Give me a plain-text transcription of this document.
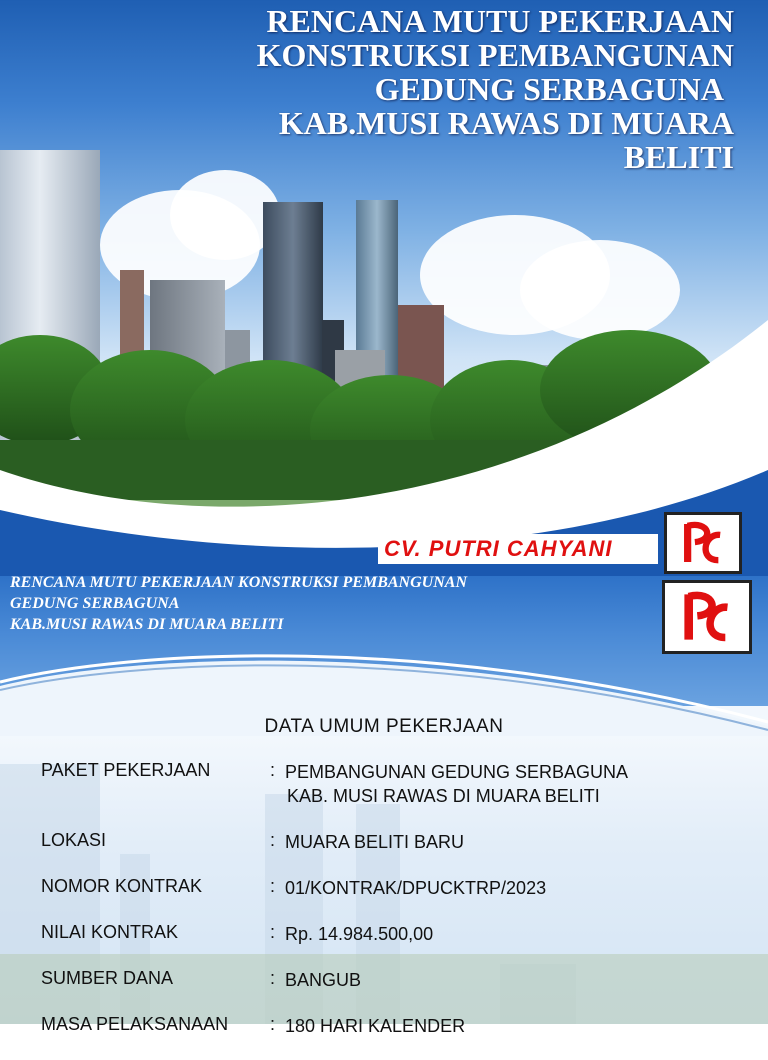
RENCANA MUTU PEKERJAAN
KONSTRUKSI PEMBANGUNAN
GEDUNG SERBAGUNA
KAB.MUSI RAWAS DI MUARA
BELITI
CV. PUTRI CAHYANI
RENCANA MUTU PEKERJAAN KONSTRUKSI PEMBANGUNAN
GEDUNG SERBAGUNA
KAB.MUSI RAWAS DI MUARA BELITI
DATA UMUM PEKERJAAN
PAKET PEKERJAAN	: PEMBANGUNAN GEDUNG SERBAGUNA
KAB. MUSI RAWAS DI MUARA BELITI
LOKASI	: MUARA BELITI BARU
NOMOR KONTRAK	: 01/KONTRAK/DPUCKTRP/2023
NILAI KONTRAK	: Rp. 14.984.500,00
SUMBER DANA	: BANGUB
MASA PELAKSANAAN : 180 HARI KALENDER
